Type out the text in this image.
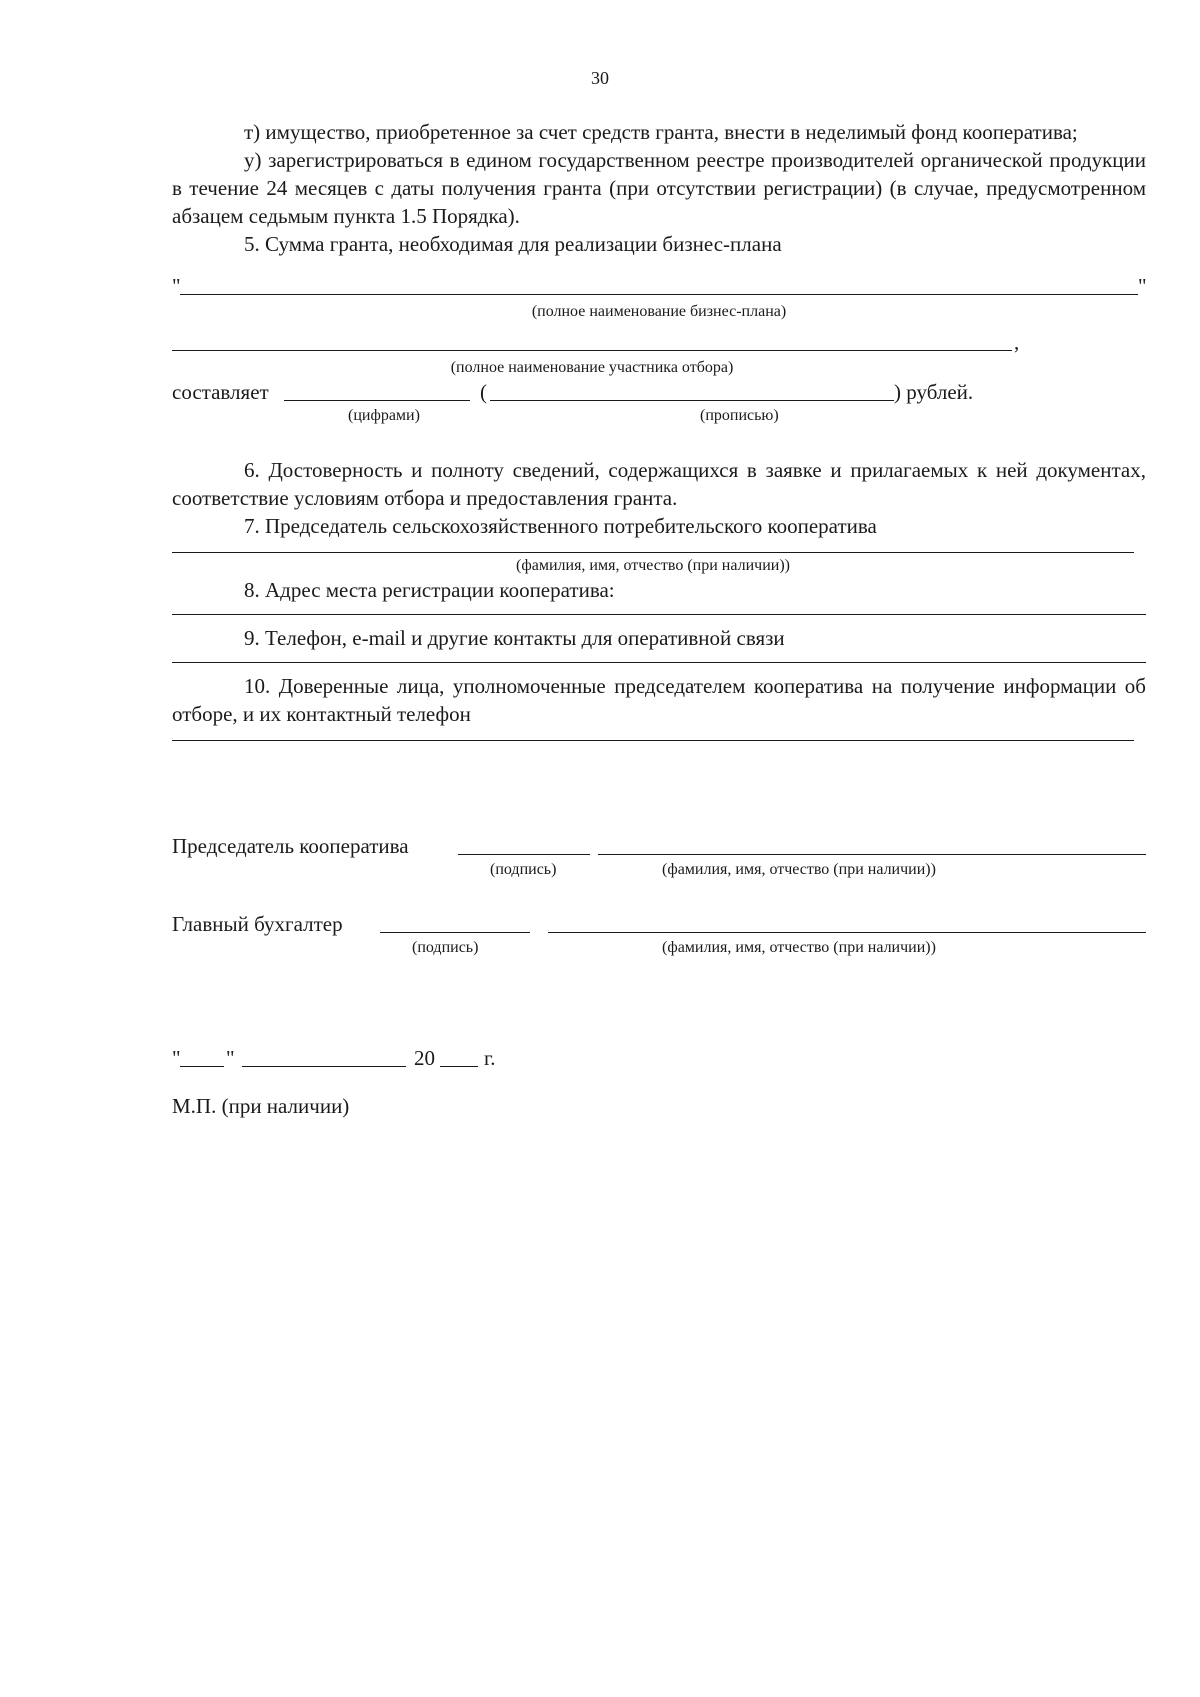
30

т) имущество, приобретенное за счет средств гранта, внести в неделимый фонд кооператива;

у) зарегистрироваться в едином государственном реестре производителей органической продукции в течение 24 месяцев с даты получения гранта (при отсутствии регистрации) (в случае, предусмотренном абзацем седьмым пункта 1.5 Порядка).

5. Сумма гранта, необходимая для реализации бизнес-плана

"	"
(полное наименование бизнес-плана)
,
(полное наименование участника отбора)
составляет	(	) рублей.
(цифрами)	(прописью)

6. Достоверность и полноту сведений, содержащихся в заявке и прилагаемых к ней документах, соответствие условиям отбора и предоставления гранта.

7. Председатель сельскохозяйственного потребительского кооператива

(фамилия, имя, отчество (при наличии))

8. Адрес места регистрации кооператива:

9. Телефон, e-mail и другие контакты для оперативной связи

10. Доверенные лица, уполномоченные председателем кооператива на получение информации об отборе, и их контактный телефон

Председатель кооператива
(подпись)	(фамилия, имя, отчество (при наличии))
Главный бухгалтер
(подпись)	(фамилия, имя, отчество (при наличии))
" "	20 г.
М.П. (при наличии)
